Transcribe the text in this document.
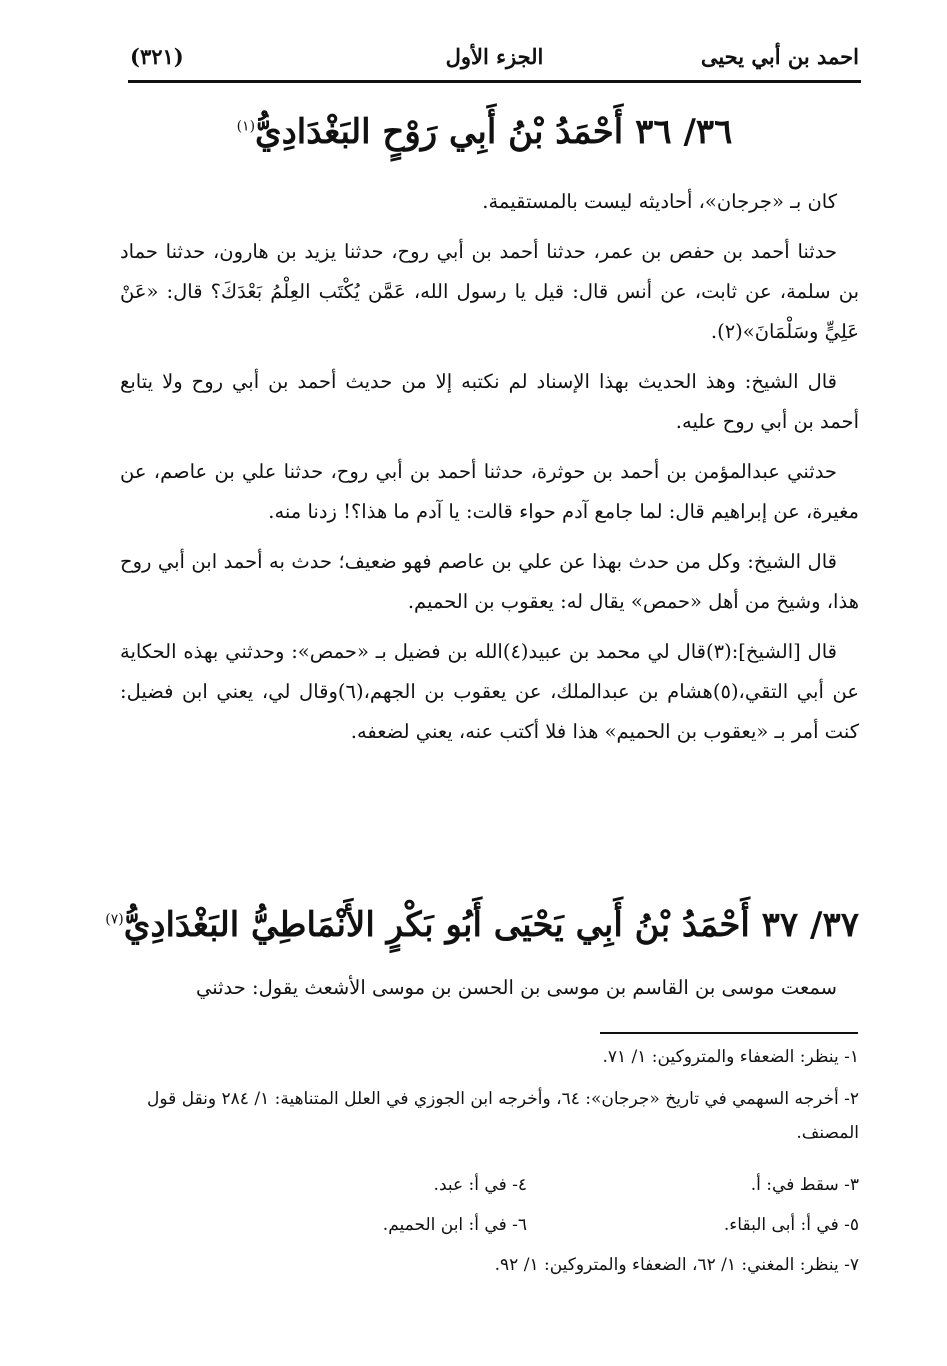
احمد بن أبي يحيى
الجزء الأول
(٣٢١)
٣٦/ ٣٦ أَحْمَدُ بْنُ أَبِي رَوْحٍ البَغْدَادِيُّ$^{(١)}$

كان بـ «جرجان»، أحاديثه ليست بالمستقيمة.

حدثنا أحمد بن حفص بن عمر، حدثنا أحمد بن أبي روح، حدثنا يزيد بن هارون، حدثنا حماد بن سلمة، عن ثابت، عن أنس قال: قيل يا رسول الله، عَمَّن يُكْتَب العِلْمُ بَعْدَكَ؟ قال: «عَنْ عَلِيٍّ وسَلْمَانَ»(٢).

قال الشيخ: وهذ الحديث بهذا الإسناد لم نكتبه إلا من حديث أحمد بن أبي روح ولا يتابع أحمد بن أبي روح عليه.

حدثني عبدالمؤمن بن أحمد بن حوثرة، حدثنا أحمد بن أبي روح، حدثنا علي بن عاصم، عن مغيرة، عن إبراهيم قال: لما جامع آدم حواء قالت: يا آدم ما هذا؟! زدنا منه.

قال الشيخ: وكل من حدث بهذا عن علي بن عاصم فهو ضعيف؛ حدث به أحمد ابن أبي روح هذا، وشيخ من أهل «حمص» يقال له: يعقوب بن الحميم.

قال [الشيخ]:(٣)قال لي محمد بن عبيد(٤)الله بن فضيل بـ «حمص»: وحدثني بهذه الحكاية عن أبي التقي،(٥)هشام بن عبدالملك، عن يعقوب بن الجهم،(٦)وقال لي، يعني ابن فضيل: كنت أمر بـ «يعقوب بن الحميم» هذا فلا أكتب عنه، يعني لضعفه.

٣٧/ ٣٧ أَحْمَدُ بْنُ أَبِي يَحْيَى أَبُو بَكْرٍ الأَنْمَاطِيُّ البَغْدَادِيُّ$^{(٧)}$

سمعت موسى بن القاسم بن موسى بن الحسن بن موسى الأشعث يقول: حدثني

١- ينظر: الضعفاء والمتروكين: ١/ ٧١.
٢- أخرجه السهمي في تاريخ «جرجان»: ٦٤، وأخرجه ابن الجوزي في العلل المتناهية: ١/ ٢٨٤ ونقل قول المصنف.
٣- سقط في: أ.
٤- في أ: عبد.
٥- في أ: أبى البقاء.
٦- في أ: ابن الحميم.
٧- ينظر: المغني: ١/ ٦٢، الضعفاء والمتروكين: ١/ ٩٢.
